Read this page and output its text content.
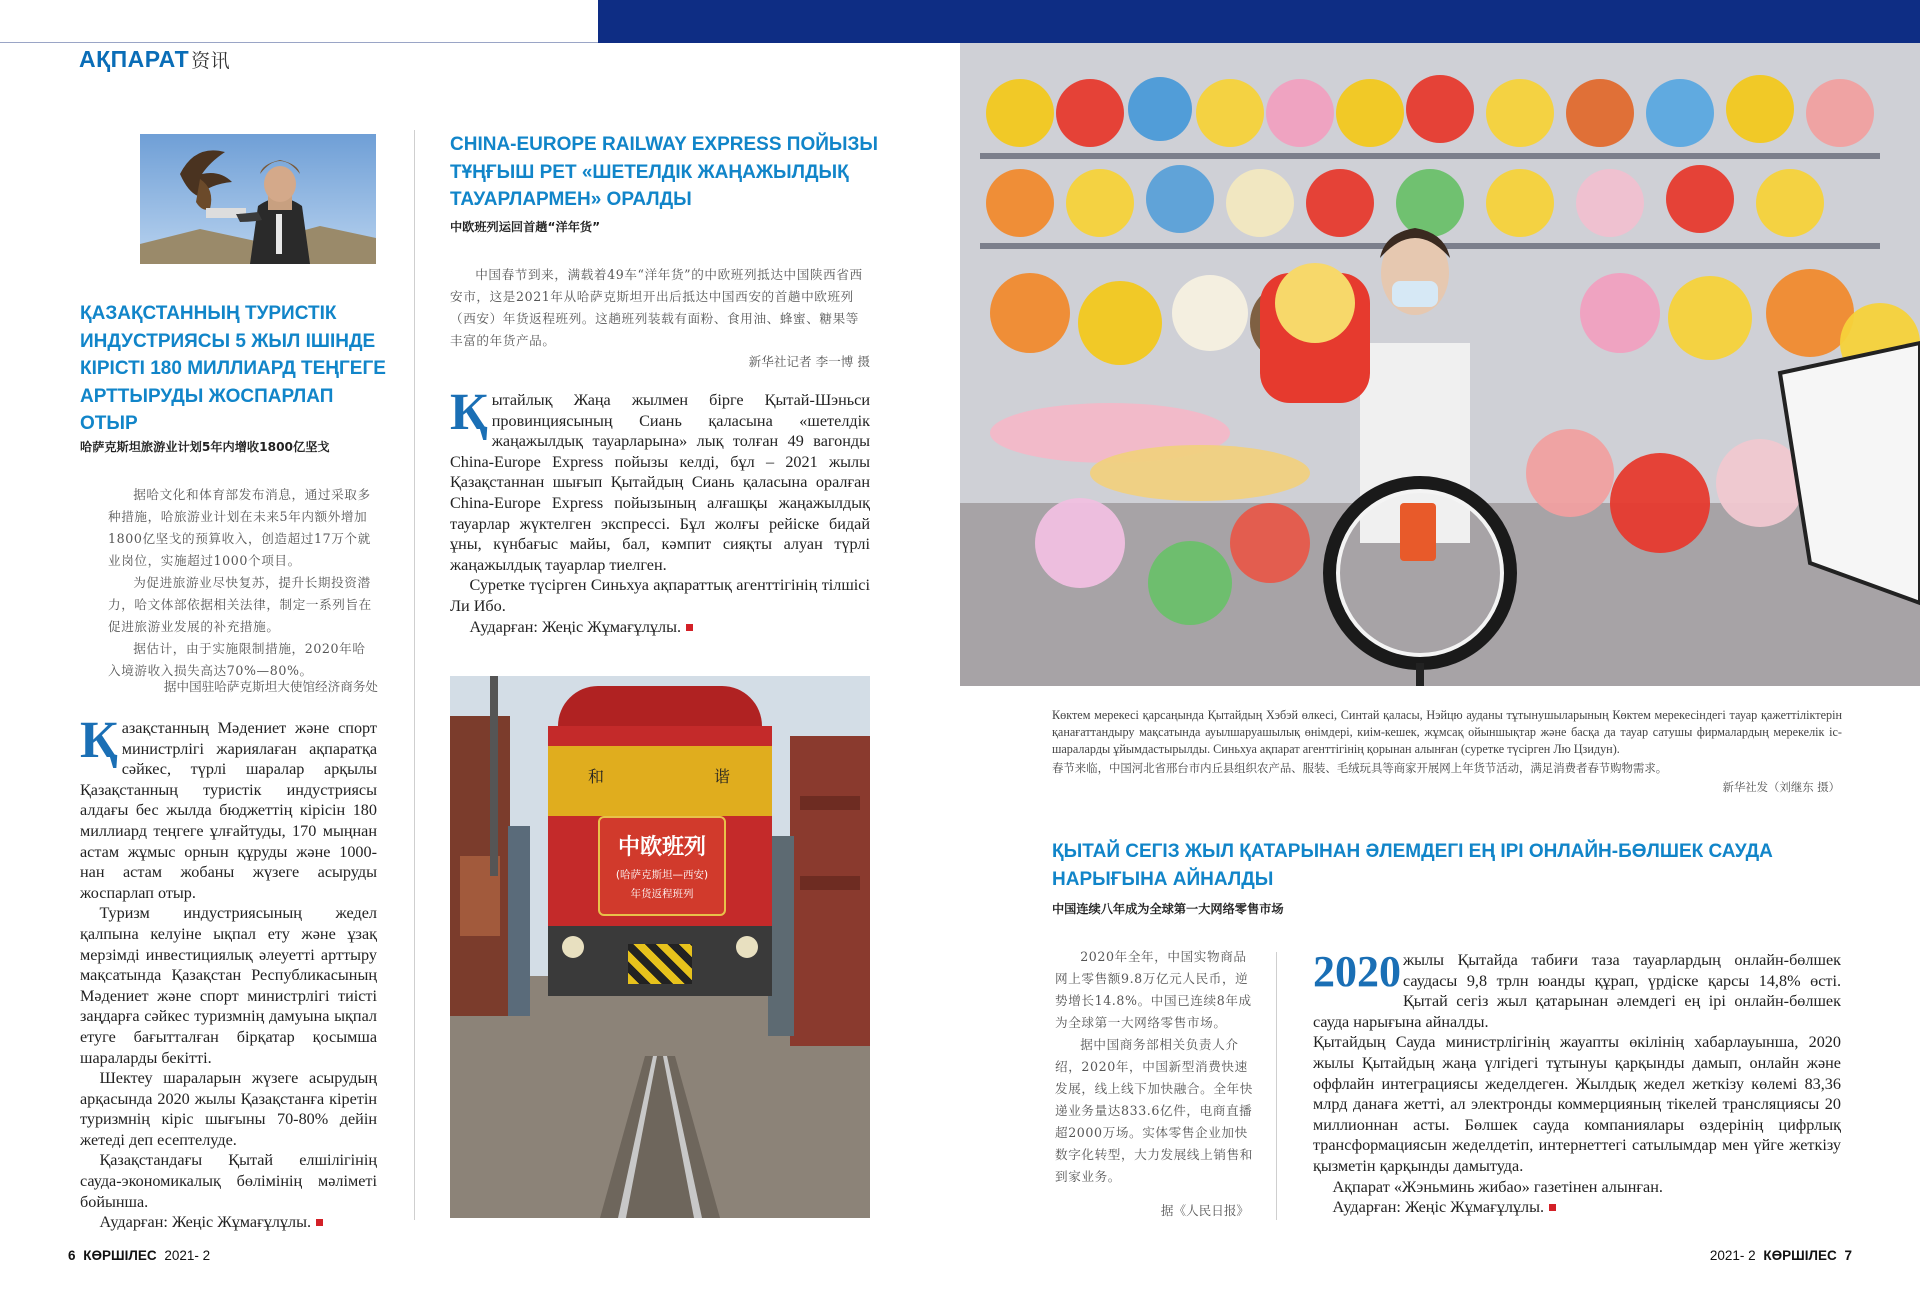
АҚПАРАТ 资讯
ҚАЗАҚСТАННЫҢ ТУРИСТІК ИНДУСТРИЯСЫ 5 ЖЫЛ ІШІНДЕ КІРІСТІ 180 МИЛЛИАРД ТЕҢГЕГЕ АРТТЫРУДЫ ЖОСПАРЛАП ОТЫР
哈萨克斯坦旅游业计划5年内增收1800亿坚戈

据哈文化和体育部发布消息，通过采取多种措施，哈旅游业计划在未来5年内额外增加1800亿坚戈的预算收入，创造超过17万个就业岗位，实施超过1000个项目。

为促进旅游业尽快复苏，提升长期投资潜力，哈文体部依据相关法律，制定一系列旨在促进旅游业发展的补充措施。

据估计，由于实施限制措施，2020年哈入境游收入损失高达70%—80%。

据中国驻哈萨克斯坦大使馆经济商务处

Қазақстанның Мәдениет және спорт министрлігі жариялаған ақпаратқа сәйкес, түрлі шаралар арқылы Қазақстанның туристік индустриясы алдағы бес жылда бюджеттің кірісін 180 миллиард теңгеге ұлғайтуды, 170 мыңнан астам жұмыс орнын құруды және 1000-нан астам жобаны жүзеге асыруды жоспарлап отыр.

Туризм индустриясының жедел қалпына келуіне ықпал ету және ұзақ мерзімді инвестициялық әлеуетті арттыру мақсатында Қазақстан Республикасының Мәдениет және спорт министрлігі тиісті заңдарға сәйкес туризмнің дамуына ықпал етуге бағытталған бірқатар қосымша шараларды бекітті.

Шектеу шараларын жүзеге асырудың арқасында 2020 жылы Қазақстанға кіретін туризмнің кіріс шығыны 70-80% дейін жетеді деп есептелуде.

Қазақстандағы Қытай елшілігінің сауда-экономикалық бөлімінің мәліметі бойынша.

Аударған: Жеңіс Жұмағұлұлы.

CHINA-EUROPE RAILWAY EXPRESS ПОЙЫЗЫ ТҰҢҒЫШ РЕТ «ШЕТЕЛДІК ЖАҢАЖЫЛДЫҚ ТАУАРЛАРМЕН» ОРАЛДЫ
中欧班列运回首趟“洋年货”

中国春节到来，满载着49车“洋年货”的中欧班列抵达中国陕西省西安市，这是2021年从哈萨克斯坦开出后抵达中国西安的首趟中欧班列（西安）年货返程班列。这趟班列装载有面粉、食用油、蜂蜜、糖果等丰富的年货产品。

新华社记者 李一博 摄

Қытайлық Жаңа жылмен бірге Қытай-Шэньси провинциясының Сиань қаласына «шетелдік жаңажылдық тауарларына» лық толған 49 вагонды China-Europe Express пойызы келді, бұл – 2021 жылы Қазақстаннан шығып Қытайдың Сиань қаласына оралған China-Europe Express пойызының алғашқы жаңажылдық тауарлар жүктелген экспрессі. Бұл жолғы рейiске бидай ұны, күнбағыс майы, бал, кәмпит сияқты алуан түрлі жаңажылдық тауарлар тиелген.

Суретке түсірген Синьхуа ақпараттық агенттігінің тілшісі Ли Ибо.

Аударған: Жеңіс Жұмағұлұлы.

和	谐
中欧班列
(哈萨克斯坦—西安)
年货返程班列

Көктем мерекесі қарсаңында Қытайдың Хэбэй өлкесі, Синтай қаласы, Нэйцю ауданы тұтынушыларының Көктем мерекесіндегі тауар қажеттіліктерін қанағаттандыру мақсатында ауылшаруашылық өнімдері, киім-кешек, жұмсақ ойыншықтар және басқа да тауар сатушы фирмалардың мерекелік іс-шараларды ұйымдастырылды. Синьхуа ақпарат агенттігінің қорынан алынған (суретке түсірген Лю Цзидун).

春节来临，中国河北省邢台市内丘县组织农产品、服装、毛绒玩具等商家开展网上年货节活动，满足消费者春节购物需求。

新华社发（刘继东 摄）
ҚЫТАЙ СЕГІЗ ЖЫЛ ҚАТАРЫНАН ӘЛЕМДЕГІ ЕҢ ІРІ ОНЛАЙН-БӨЛШЕК САУДА НАРЫҒЫНА АЙНАЛДЫ
中国连续八年成为全球第一大网络零售市场

2020年全年，中国实物商品网上零售额9.8万亿元人民币，逆势增长14.8%。中国已连续8年成为全球第一大网络零售市场。

据中国商务部相关负责人介绍，2020年，中国新型消费快速发展，线上线下加快融合。全年快递业务量达833.6亿件，电商直播超2000万场。实体零售企业加快数字化转型，大力发展线上销售和到家业务。

据《人民日报》

2020 жылы Қытайда табиғи таза тауарлардың онлайн-бөлшек саудасы 9,8 трлн юанды құрап, үрдіске қарсы 14,8% өсті. Қытай сегіз жыл қатарынан әлемдегі ең ірі онлайн-бөлшек сауда нарығына айналды.

Қытайдың Сауда министрлігінің жауапты өкілінің хабарлауынша, 2020 жылы Қытайдың жаңа үлгідегі тұтынуы қарқынды дамып, онлайн және оффлайн интеграциясы жеделдеген. Жылдық жедел жеткізу көлемі 83,36 млрд данаға жетті, ал электронды коммерцияның тікелей трансляциясы 20 миллионнан асты. Бөлшек сауда компаниялары өздерінің цифрлық трансформациясын жеделдетіп, интернеттегі сатылымдар мен үйге жеткізу қызметін қарқынды дамытуда.

Ақпарат «Жэньминь жибао» газетінен алынған.

Аударған: Жеңіс Жұмағұлұлы.

6 КӨРШІЛЕС 2021- 2	2021- 2 КӨРШІЛЕС 7
